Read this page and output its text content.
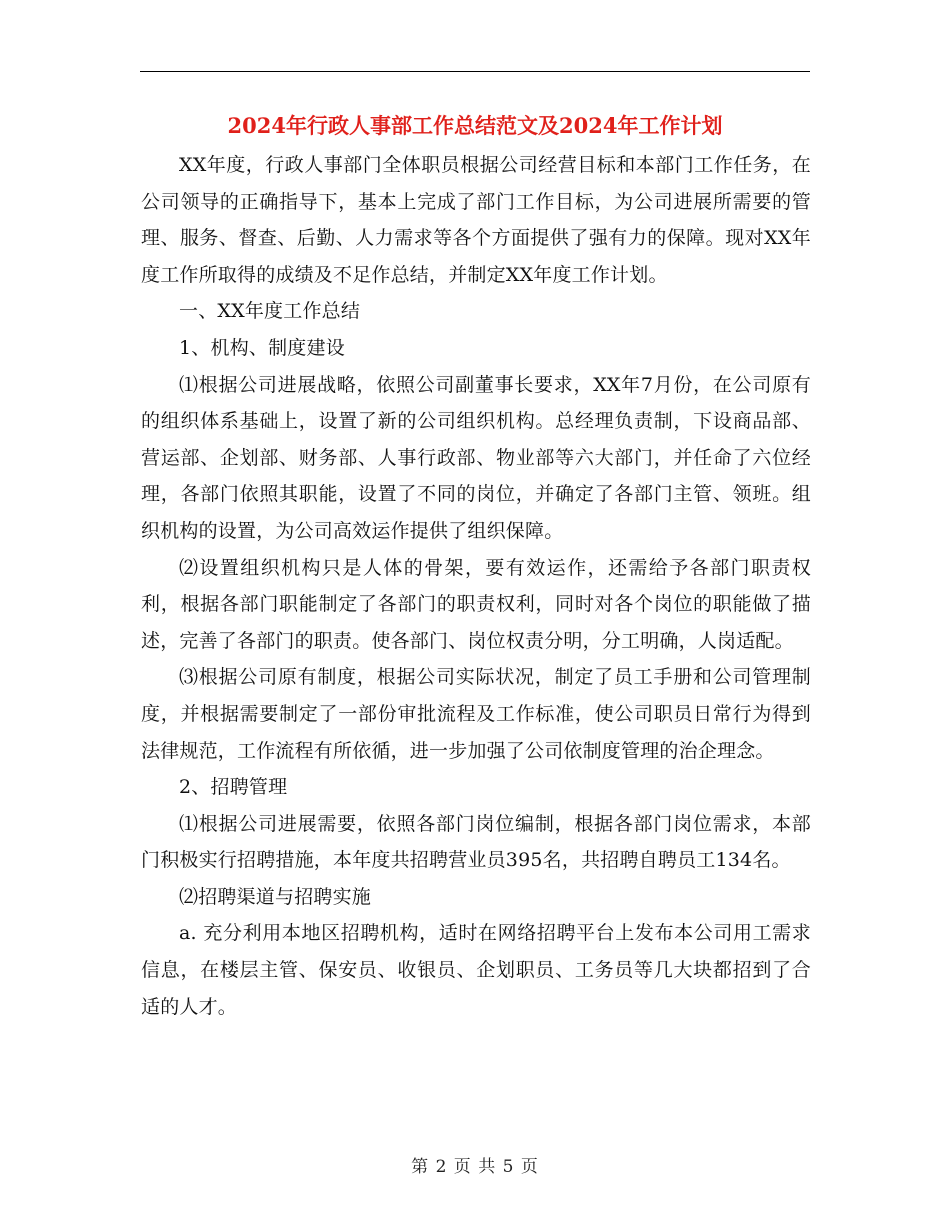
2024年行政人事部工作总结范文及2024年工作计划

XX年度，行政人事部门全体职员根据公司经营目标和本部门工作任务，在公司领导的正确指导下，基本上完成了部门工作目标，为公司进展所需要的管理、服务、督查、后勤、人力需求等各个方面提供了强有力的保障。现对XX年度工作所取得的成绩及不足作总结，并制定XX年度工作计划。

一、XX年度工作总结

1、机构、制度建设

⑴根据公司进展战略，依照公司副董事长要求，XX年7月份，在公司原有的组织体系基础上，设置了新的公司组织机构。总经理负责制，下设商品部、营运部、企划部、财务部、人事行政部、物业部等六大部门，并任命了六位经理，各部门依照其职能，设置了不同的岗位，并确定了各部门主管、领班。组织机构的设置，为公司高效运作提供了组织保障。

⑵设置组织机构只是人体的骨架，要有效运作，还需给予各部门职责权利，根据各部门职能制定了各部门的职责权利，同时对各个岗位的职能做了描述，完善了各部门的职责。使各部门、岗位权责分明，分工明确，人岗适配。

⑶根据公司原有制度，根据公司实际状况，制定了员工手册和公司管理制度，并根据需要制定了一部份审批流程及工作标准，使公司职员日常行为得到法律规范，工作流程有所依循，进一步加强了公司依制度管理的治企理念。

2、招聘管理

⑴根据公司进展需要，依照各部门岗位编制，根据各部门岗位需求，本部门积极实行招聘措施，本年度共招聘营业员395名，共招聘自聘员工134名。

⑵招聘渠道与招聘实施

a. 充分利用本地区招聘机构，适时在网络招聘平台上发布本公司用工需求信息，在楼层主管、保安员、收银员、企划职员、工务员等几大块都招到了合适的人才。

第 2 页 共 5 页
